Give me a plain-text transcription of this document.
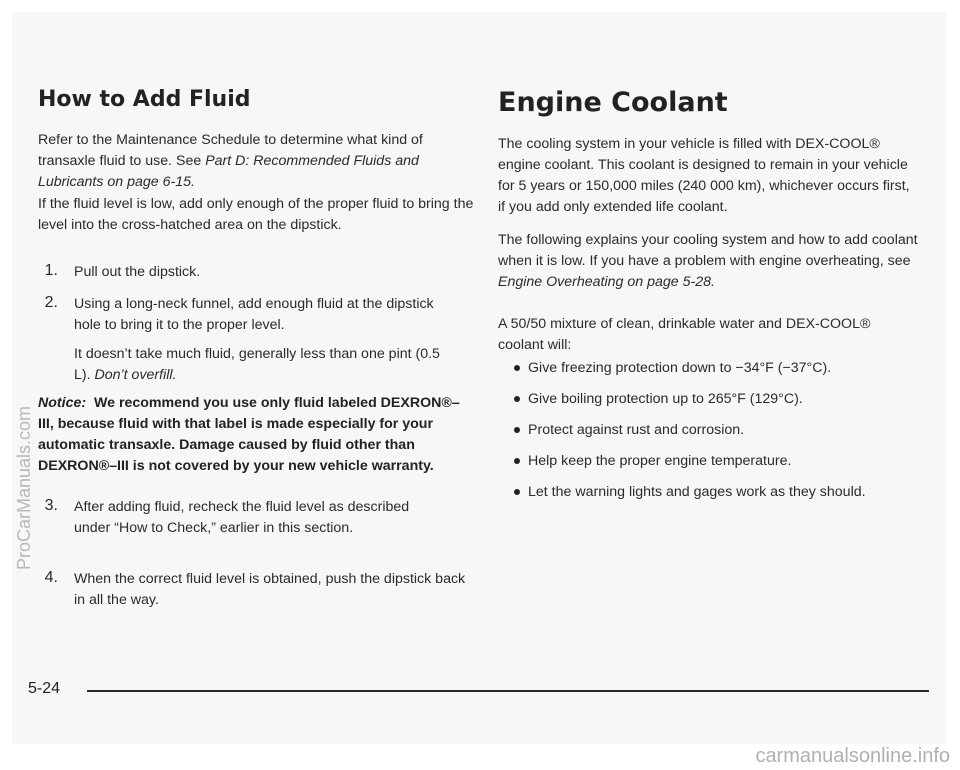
How to Add Fluid

Refer to the Maintenance Schedule to determine what kind of transaxle fluid to use. See Part D: Recommended Fluids and Lubricants on page 6-15.

If the fluid level is low, add only enough of the proper fluid to bring the level into the cross-hatched area on the dipstick.

1. Pull out the dipstick.
2. Using a long-neck funnel, add enough fluid at the dipstick hole to bring it to the proper level.

It doesn’t take much fluid, generally less than one pint (0.5 L). Don’t overfill.

Notice: We recommend you use only fluid labeled DEXRON®–III, because fluid with that label is made especially for your automatic transaxle. Damage caused by fluid other than DEXRON®–III is not covered by your new vehicle warranty.

3. After adding fluid, recheck the fluid level as described under “How to Check,” earlier in this section.
4. When the correct fluid level is obtained, push the dipstick back in all the way.
Engine Coolant

The cooling system in your vehicle is filled with DEX-COOL® engine coolant. This coolant is designed to remain in your vehicle for 5 years or 150,000 miles (240 000 km), whichever occurs first, if you add only extended life coolant.

The following explains your cooling system and how to add coolant when it is low. If you have a problem with engine overheating, see Engine Overheating on page 5-28.

A 50/50 mixture of clean, drinkable water and DEX-COOL® coolant will:

Give freezing protection down to −34°F (−37°C).
Give boiling protection up to 265°F (129°C).
Protect against rust and corrosion.
Help keep the proper engine temperature.
Let the warning lights and gages work as they should.
5-24
ProCarManuals.com
carmanualsonline.info
